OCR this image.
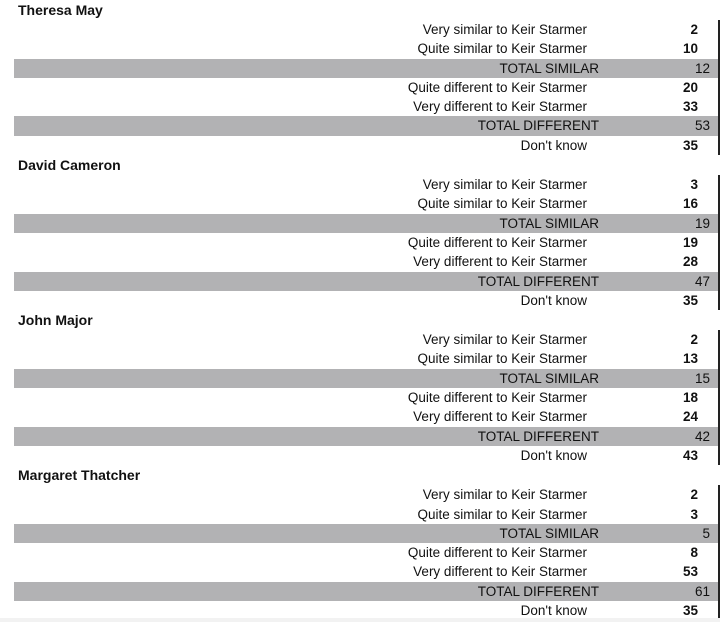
Theresa May
Very similar to Keir Starmer	2
Quite similar to Keir Starmer	10
TOTAL SIMILAR	12
Quite different to Keir Starmer	20
Very different to Keir Starmer	33
TOTAL DIFFERENT	53
Don't know	35
David Cameron
Very similar to Keir Starmer	3
Quite similar to Keir Starmer	16
TOTAL SIMILAR	19
Quite different to Keir Starmer	19
Very different to Keir Starmer	28
TOTAL DIFFERENT	47
Don't know	35
John Major
Very similar to Keir Starmer	2
Quite similar to Keir Starmer	13
TOTAL SIMILAR	15
Quite different to Keir Starmer	18
Very different to Keir Starmer	24
TOTAL DIFFERENT	42
Don't know	43
Margaret Thatcher
Very similar to Keir Starmer	2
Quite similar to Keir Starmer	3
TOTAL SIMILAR	5
Quite different to Keir Starmer	8
Very different to Keir Starmer	53
TOTAL DIFFERENT	61
Don't know	35
